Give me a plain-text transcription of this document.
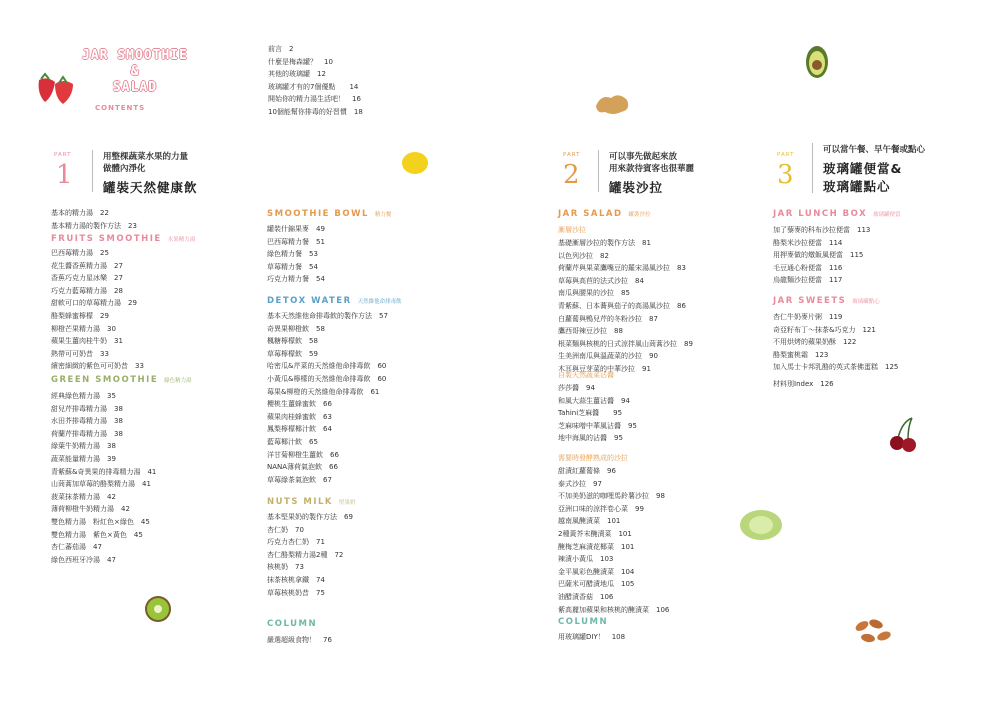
JAR SMOOTHIE
&
SALAD
CONTENTS
前言　2
什麼是梅森罐？　10
其他的玻璃罐　12
玻璃罐才有的7個優點　　14
開始你的精力湯生活吧！　16
10個能幫你排毒的好習慣　18
PART
1
用整棵蔬菜水果的力量
做體內淨化
罐裝天然健康飲
PART
2
可以事先做起來放
用來款待賓客也很華麗
罐裝沙拉
PART
3
可以當午餐、早午餐或點心
玻璃罐便當&
玻璃罐點心
基本的精力湯　22
基本精力湯的製作方法　23
FRUITS SMOOTHIE 水果精力湯
巴西莓精力湯　25
花生醬香蕉精力湯　27
香蕉巧克力星冰樂　27
巧克力藍莓精力湯　28
甜軟可口的草莓精力湯　29
酪梨蜂蜜檸檬　29
柳橙芒果精力湯　30
蘋果生薑肉桂牛奶　31
熱帶可可奶昔　33
繽密細緻的紫色可可奶昔　33
GREEN SMOOTHIE 綠色精力湯
經典綠色精力湯　35
甜兒芹排毒精力湯　38
水田芥排毒精力湯　38
荷蘭芹排毒精力湯　38
綠葉牛奶精力湯　38
蔬菜能量精力湯　39
青紫蘇&奇異果的排毒精力湯　41
山茼蒿加草莓的酪梨精力湯　41
菠菜抹茶精力湯　42
薄荷柳橙牛奶精力湯　42
雙色精力湯　粉紅色×綠色　45
雙色精力湯　紫色×黃色　45
杏仁蕃茄湯　47
綠色西班牙冷湯　47
SMOOTHIE BOWL 精力餐
罐裝什錦果麥　49
巴西莓精力餐　51
綠色精力餐　53
草莓精力餐　54
巧克力精力餐　54
DETOX WATER 天然維他命排毒飲
基本天然維他命排毒飲的製作方法　57
奇異果柳橙飲　58
楓糖檸檬飲　58
草莓檸檬飲　59
哈密瓜&芹菜的天然維他命排毒飲　60
小黃瓜&檸檬的天然維他命排毒飲　60
莓果&柳橙的天然維他命排毒飲　61
櫻桃生薑蜂蜜飲　66
蘋果肉桂蜂蜜飲　63
鳳梨檸檬椰汁飲　64
藍莓椰汁飲　65
洋甘菊柳橙生薑飲　66
NANA薄荷氣泡飲　66
草莓綠茶氣泡飲　67
NUTS MILK 堅果奶
基本堅果奶的製作方法　69
杏仁奶　70
巧克力杏仁奶　71
杏仁酪梨精力湯2種　72
核桃奶　73
抹茶核桃拿鐵　74
草莓核桃奶昔　75
COLUMN
嚴選超級食物！　76
JAR SALAD 罐裝沙拉
漸層沙拉
基礎漸層沙拉的製作方法　81
以色列沙拉　82
荷蘭芹與果菜鷹嘴豆的羅宋湯風沙拉　83
草莓與高苣的法式沙拉　84
南瓜與腰果的沙拉　85
青紫蘇、日本蕎與茄子的高湯風沙拉　86
白蘿蔔與鴨兒芹的冬粉沙拉　87
鷹西哥辣豆沙拉　88
根菜麵與核桃的日式涼拌風山茼蒿沙拉　89
生美洲南瓜與溫蔬菜的沙拉　90
木耳與豆芽菜的中華沙拉　91
自製天然蔬菜沾醬
莎莎醬　94
和風大蒜生薑沾醬　94
Tahini芝麻醬　　95
芝麻味噌中華風沾醬　95
地中海風的沾醬　95
需要時發酵熟成的沙拉
甜漬紅蘿蔔條　96
泰式沙拉　97
不加美奶滋的咖哩馬鈴薯沙拉　98
亞洲口味的涼拌卷心菜　99
越南風醃漬菜　101
2種黃芥末醃漬菜　101
醃梅芝麻漬花椰菜　101
辣漬小黃瓜　103
金平風彩色醃漬菜　104
巴薩米可醋漬地瓜　105
油醋漬香菇　106
紫高麗加蘋果和核桃的醃漬菜　106
COLUMN
用玻璃罐DIY！　108
JAR LUNCH BOX 玻璃罐便當
加了藜麥的科布沙拉便當　113
酪梨米沙拉便當　114
用押麥做的燉飯風便當　115
毛豆通心粉便當　116
烏龍麵沙拉便當　117
JAR SWEETS 玻璃罐點心
杏仁牛奶麥片粥　119
奇亞籽布丁～抹茶&巧克力　121
不用烘烤的蘋果奶酥　122
酪梨蜜桃霜　123
加入馬士卡邦乳酪的英式茶佛蛋糕　125
材料別Index　126
